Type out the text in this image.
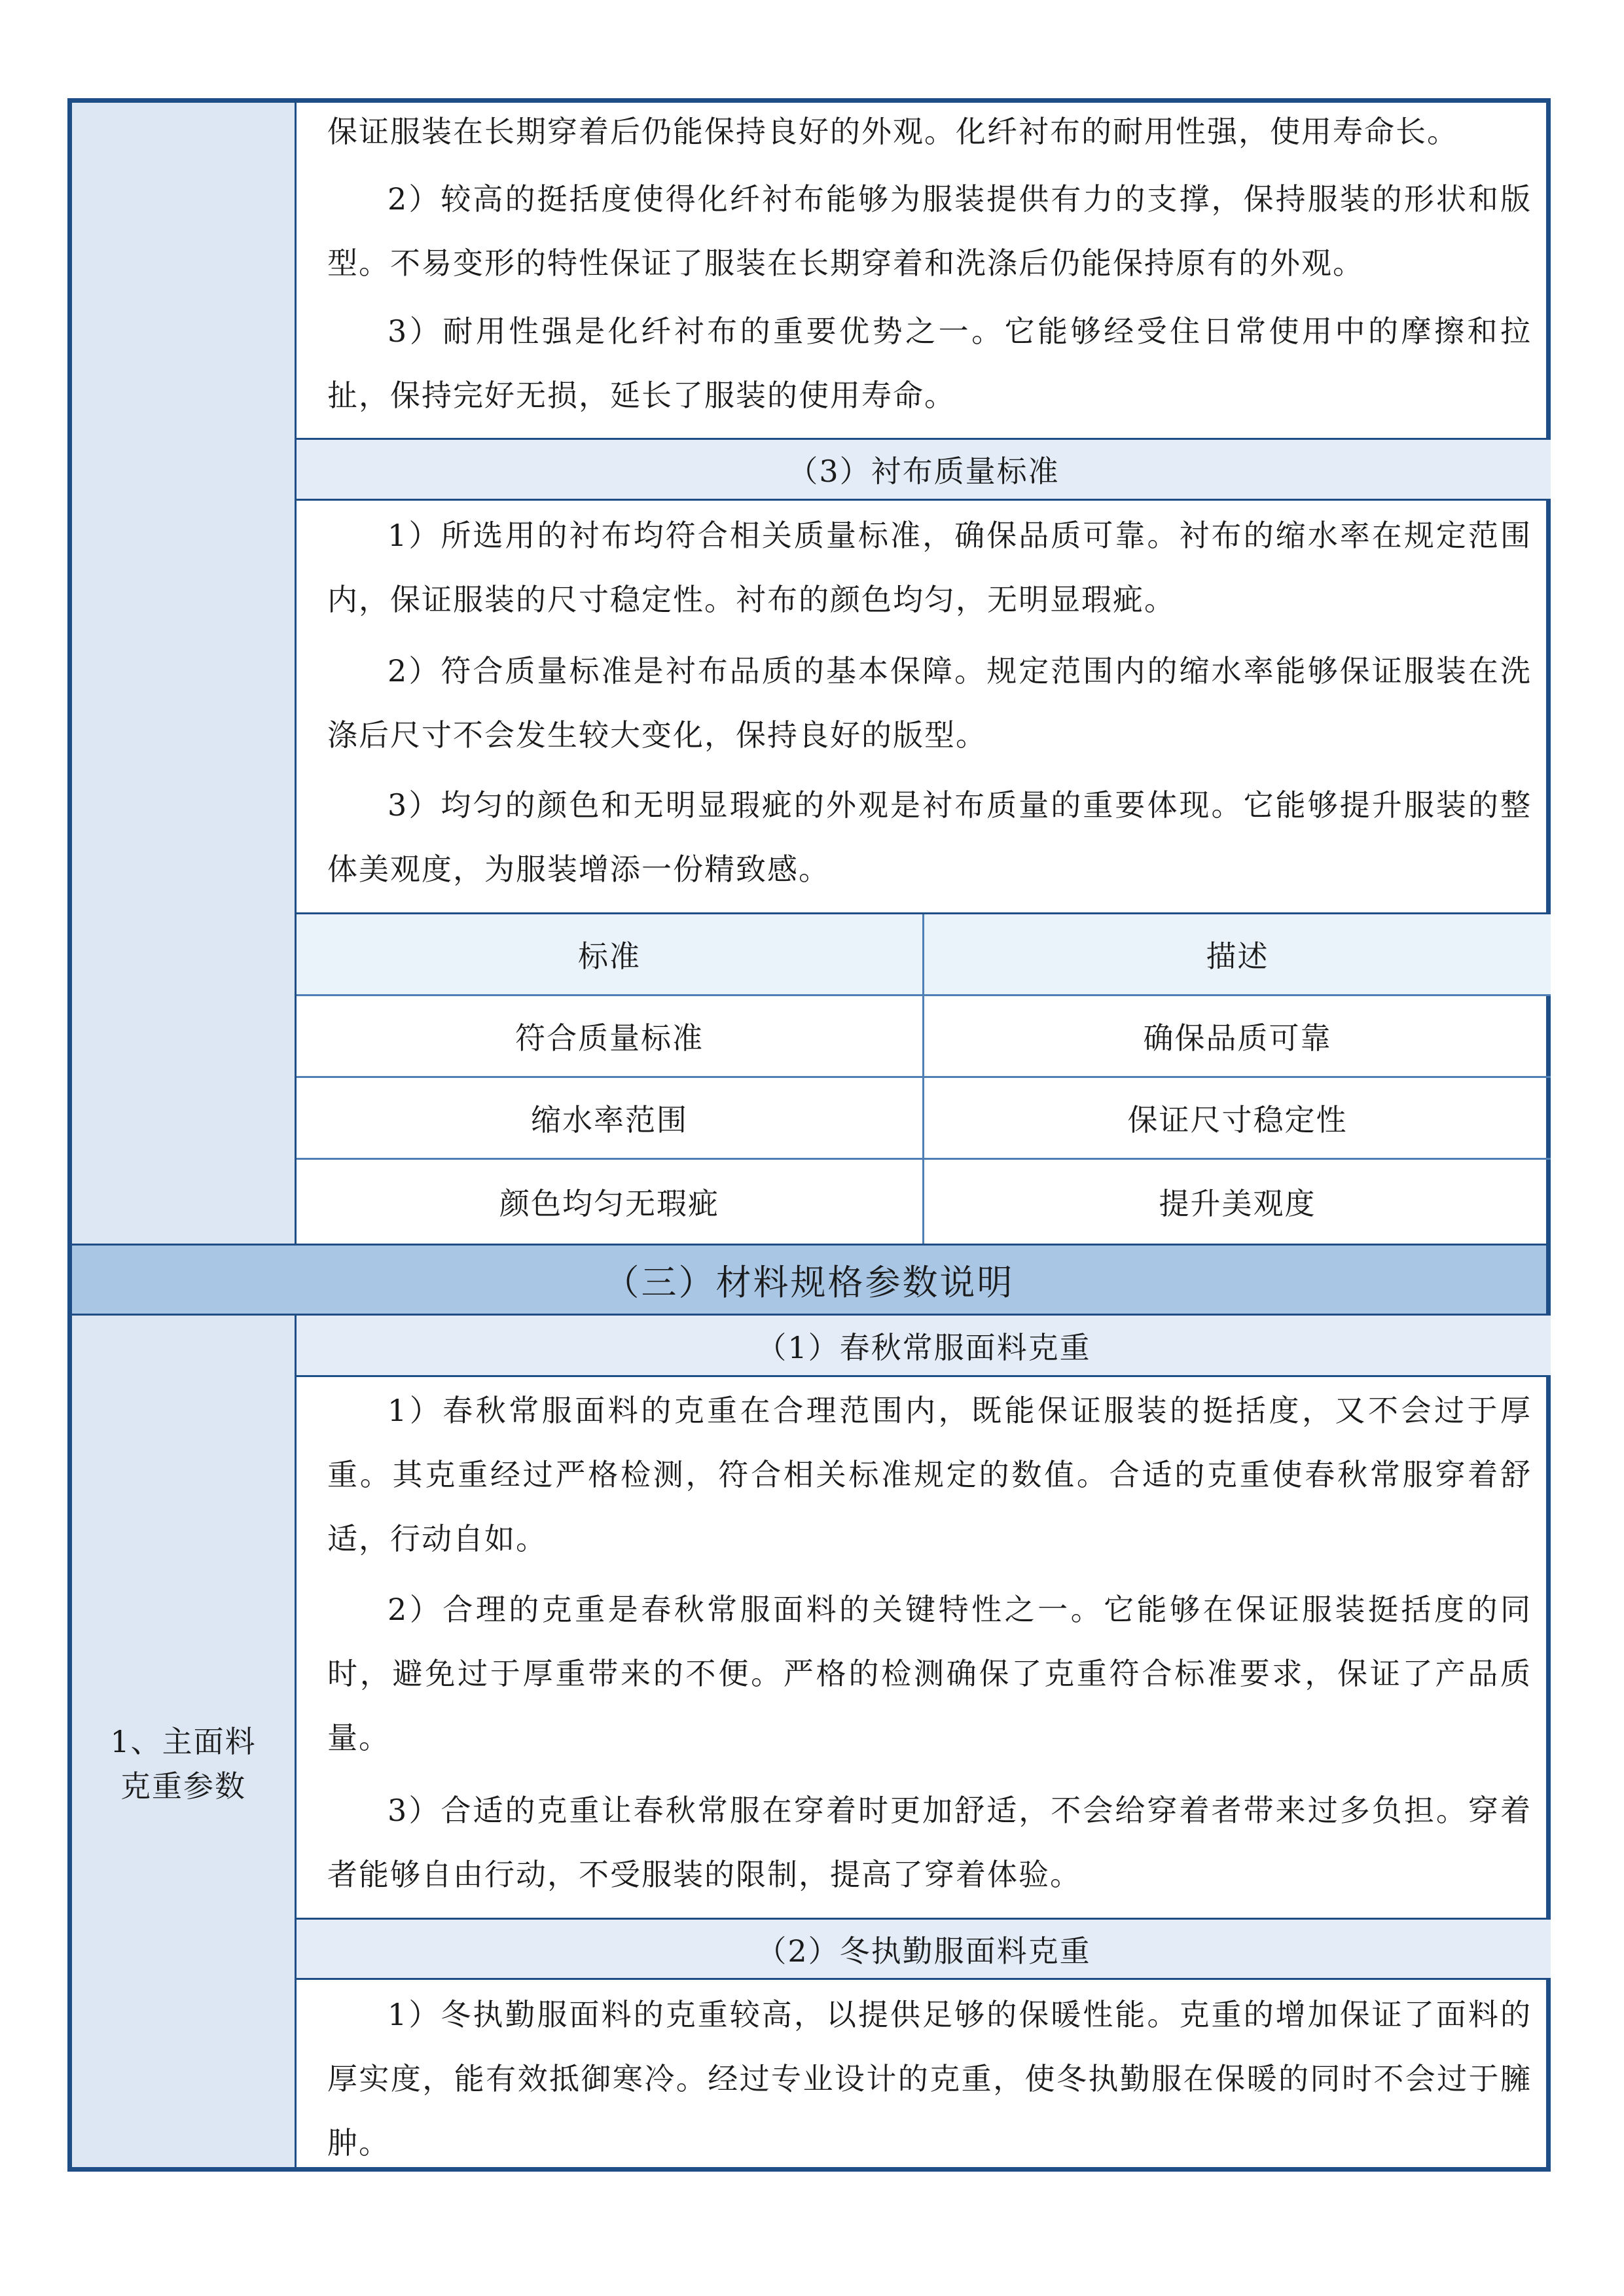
保证服装在长期穿着后仍能保持良好的外观。化纤衬布的耐用性强，使用寿命长。
2）较高的挺括度使得化纤衬布能够为服装提供有力的支撑，保持服装的形状和版型。不易变形的特性保证了服装在长期穿着和洗涤后仍能保持原有的外观。
3）耐用性强是化纤衬布的重要优势之一。它能够经受住日常使用中的摩擦和拉扯，保持完好无损，延长了服装的使用寿命。
（3）衬布质量标准
1）所选用的衬布均符合相关质量标准，确保品质可靠。衬布的缩水率在规定范围内，保证服装的尺寸稳定性。衬布的颜色均匀，无明显瑕疵。
2）符合质量标准是衬布品质的基本保障。规定范围内的缩水率能够保证服装在洗涤后尺寸不会发生较大变化，保持良好的版型。
3）均匀的颜色和无明显瑕疵的外观是衬布质量的重要体现。它能够提升服装的整体美观度，为服装增添一份精致感。
标准	描述
符合质量标准	确保品质可靠
缩水率范围	保证尺寸稳定性
颜色均匀无瑕疵	提升美观度
（三）材料规格参数说明
1、主面料
克重参数
（1）春秋常服面料克重
1）春秋常服面料的克重在合理范围内，既能保证服装的挺括度，又不会过于厚重。其克重经过严格检测，符合相关标准规定的数值。合适的克重使春秋常服穿着舒适，行动自如。
2）合理的克重是春秋常服面料的关键特性之一。它能够在保证服装挺括度的同时，避免过于厚重带来的不便。严格的检测确保了克重符合标准要求，保证了产品质量。
3）合适的克重让春秋常服在穿着时更加舒适，不会给穿着者带来过多负担。穿着者能够自由行动，不受服装的限制，提高了穿着体验。
（2）冬执勤服面料克重
1）冬执勤服面料的克重较高，以提供足够的保暖性能。克重的增加保证了面料的厚实度，能有效抵御寒冷。经过专业设计的克重，使冬执勤服在保暖的同时不会过于臃肿。
